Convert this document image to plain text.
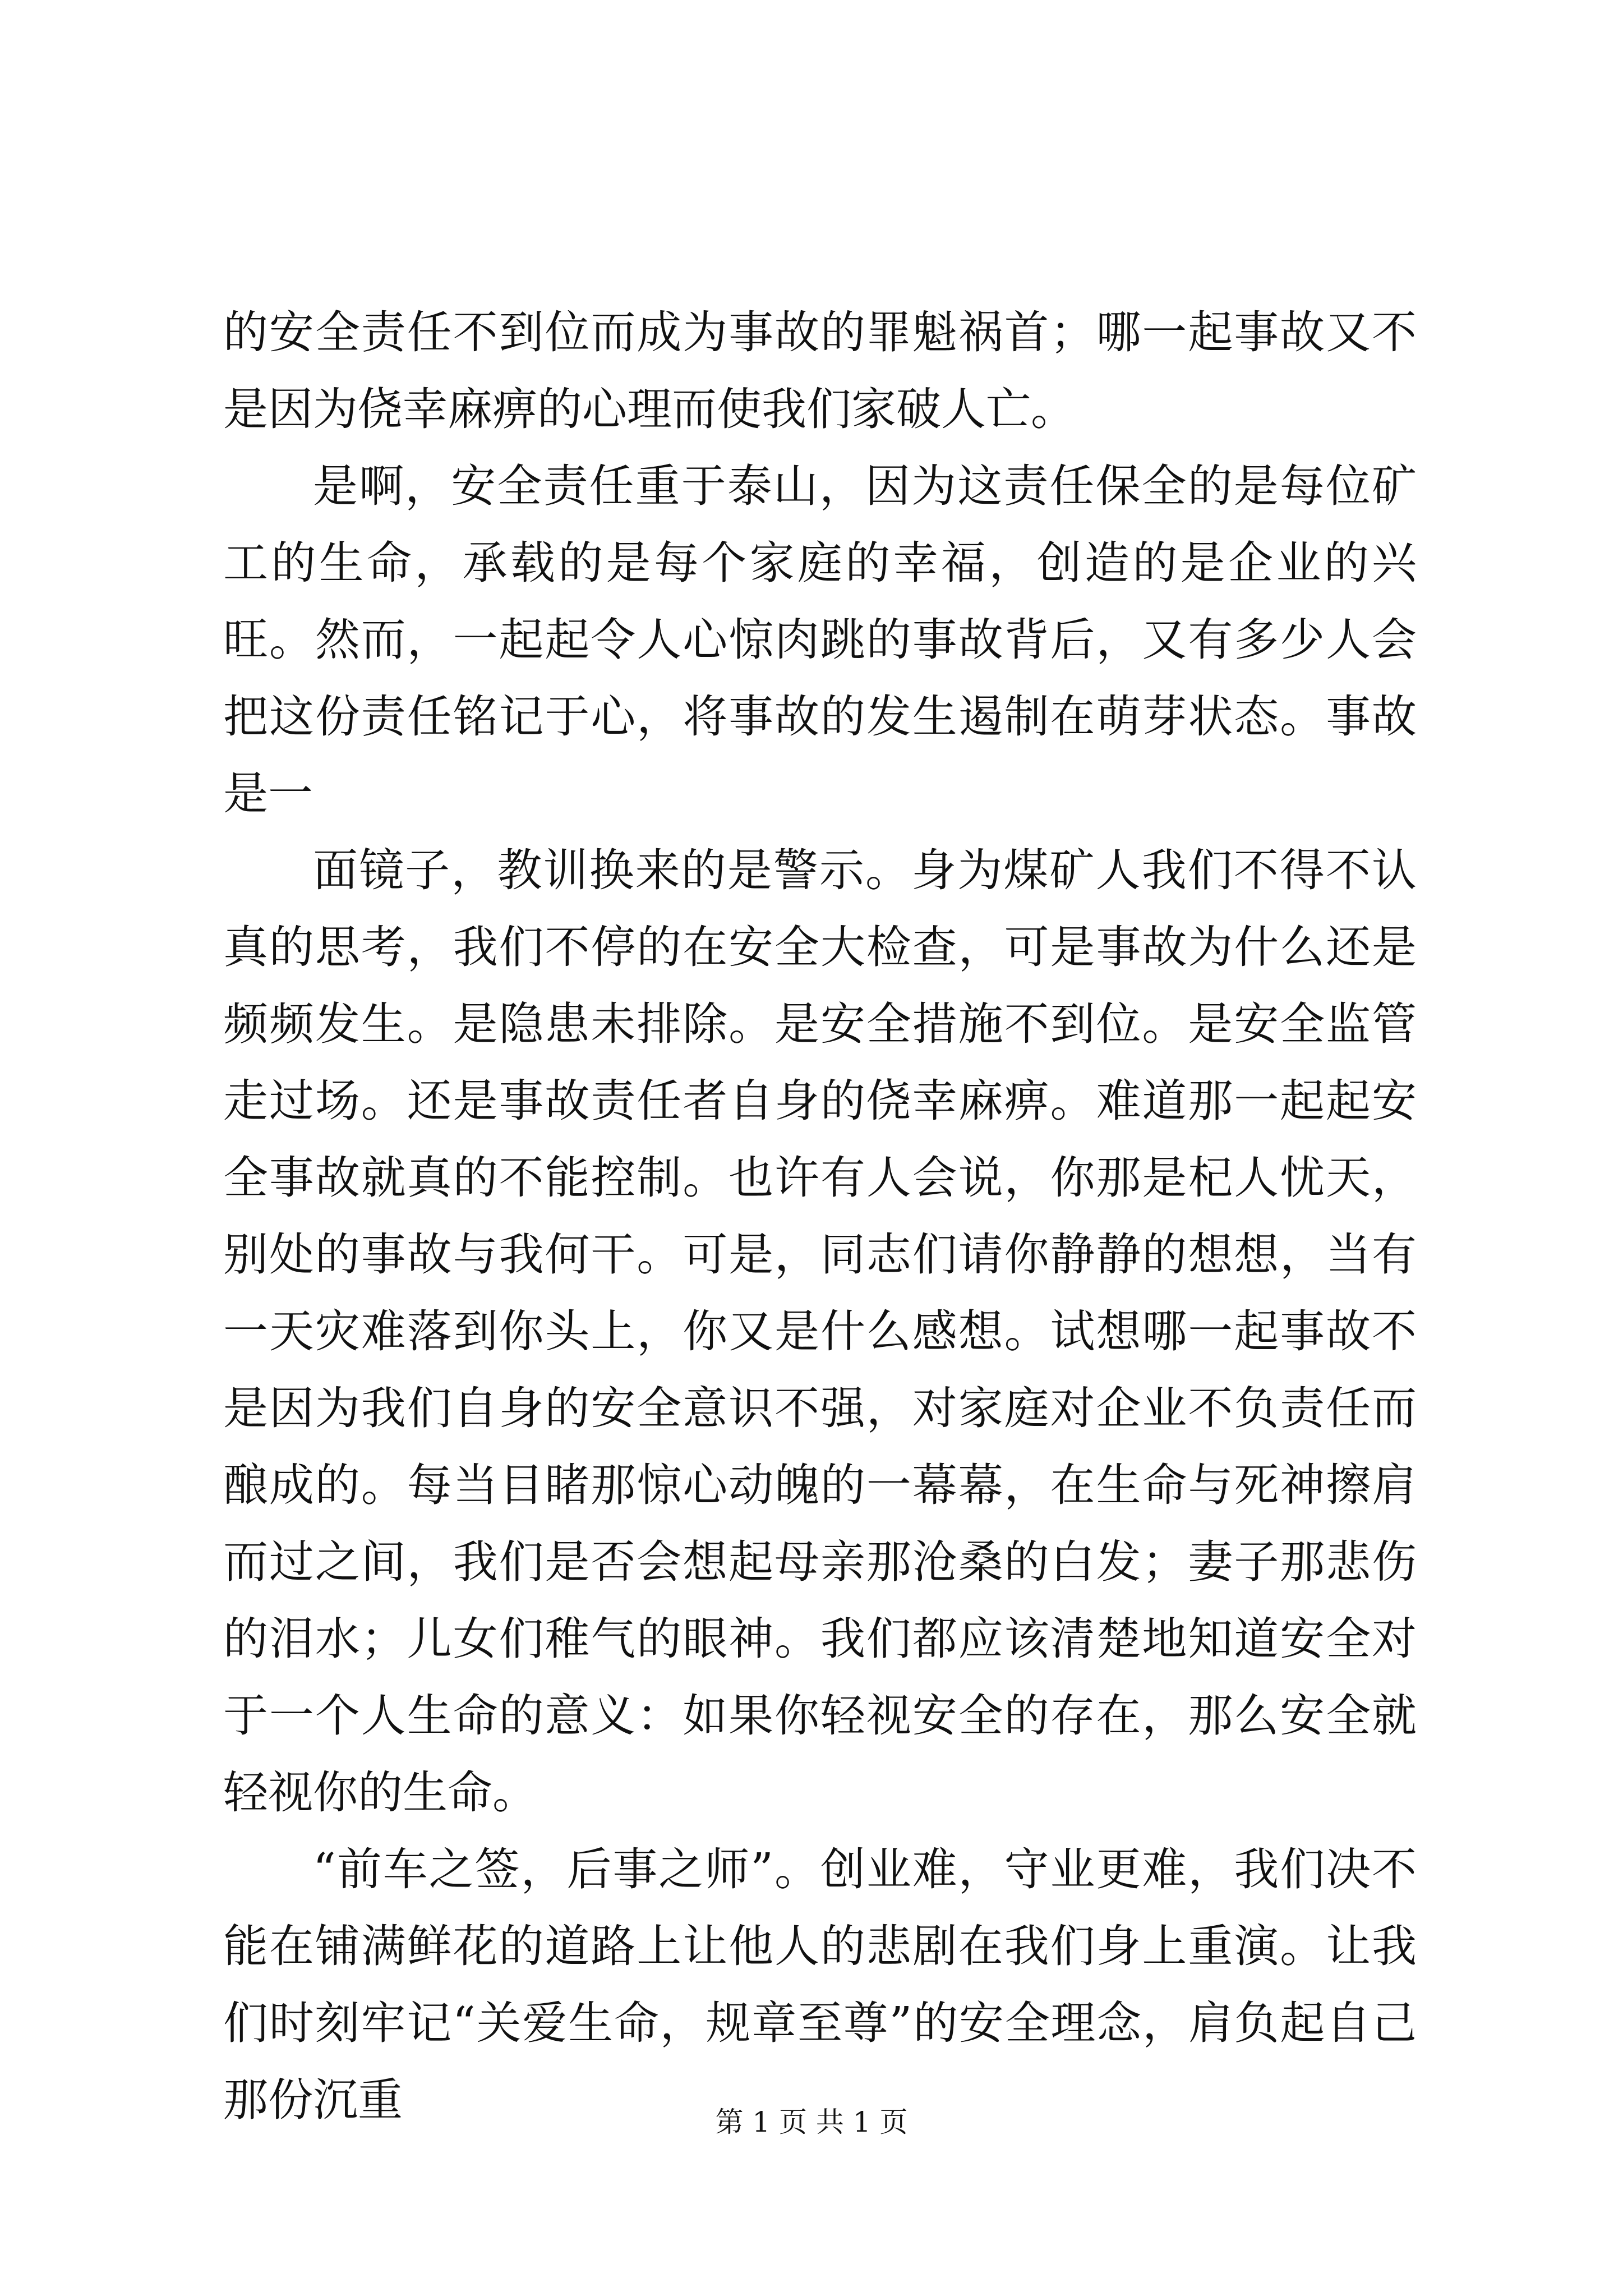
的安全责任不到位而成为事故的罪魁祸首；哪一起事故又不是因为侥幸麻痹的心理而使我们家破人亡。

是啊，安全责任重于泰山，因为这责任保全的是每位矿工的生命，承载的是每个家庭的幸福，创造的是企业的兴旺。然而，一起起令人心惊肉跳的事故背后，又有多少人会把这份责任铭记于心，将事故的发生遏制在萌芽状态。事故是一

面镜子，教训换来的是警示。身为煤矿人我们不得不认真的思考，我们不停的在安全大检查，可是事故为什么还是频频发生。是隐患未排除。是安全措施不到位。是安全监管走过场。还是事故责任者自身的侥幸麻痹。难道那一起起安全事故就真的不能控制。也许有人会说，你那是杞人忧天，别处的事故与我何干。可是，同志们请你静静的想想，当有一天灾难落到你头上，你又是什么感想。试想哪一起事故不是因为我们自身的安全意识不强，对家庭对企业不负责任而酿成的。每当目睹那惊心动魄的一幕幕，在生命与死神擦肩而过之间，我们是否会想起母亲那沧桑的白发；妻子那悲伤的泪水；儿女们稚气的眼神。我们都应该清楚地知道安全对于一个人生命的意义：如果你轻视安全的存在，那么安全就轻视你的生命。

“前车之签，后事之师”。创业难，守业更难，我们决不能在铺满鲜花的道路上让他人的悲剧在我们身上重演。让我们时刻牢记“关爱生命，规章至尊”的安全理念，肩负起自己那份沉重	第 1 页 共 1 页
